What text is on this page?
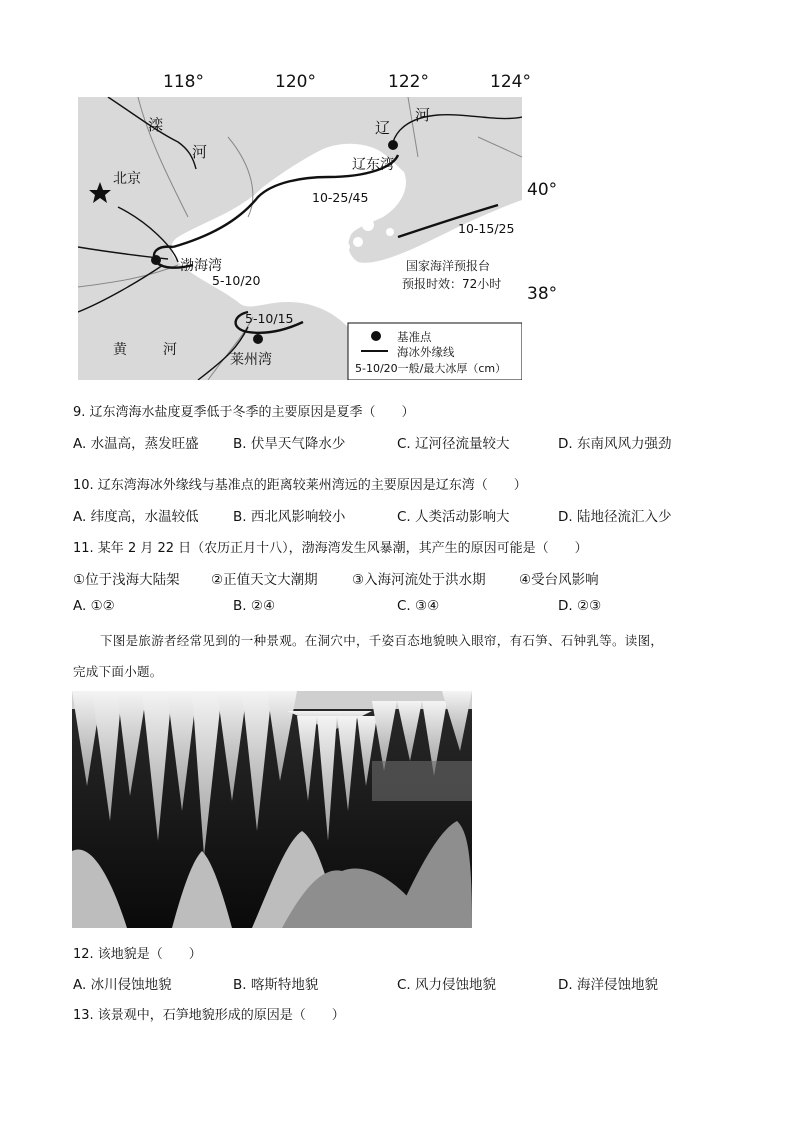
118°	120°	122°	124°
40°
38°
滦
河
北京
辽
河
辽东湾
10-25/45
10-15/25
渤海湾
5-10/20
国家海洋预报台
预报时效：72小时
5-10/15
黄	河
莱州湾
基准点
海冰外缘线
5-10/20一般/最大冰厚（cm）
9. 辽东湾海水盐度夏季低于冬季的主要原因是夏季（　　）
A. 水温高，蒸发旺盛	B. 伏旱天气降水少	C. 辽河径流量较大	D. 东南风风力强劲
10. 辽东湾海冰外缘线与基准点的距离较莱州湾远的主要原因是辽东湾（　　）
A. 纬度高，水温较低	B. 西北风影响较小	C. 人类活动影响大	D. 陆地径流汇入少
11. 某年 2 月 22 日（农历正月十八），渤海湾发生风暴潮，其产生的原因可能是（　　）
①位于浅海大陆架 ②正值天文大潮期	③入海河流处于洪水期 ④受台风影响
A. ①②	B. ②④	C. ③④	D. ②③
下图是旅游者经常见到的一种景观。在洞穴中，千姿百态地貌映入眼帘，有石笋、石钟乳等。读图，
完成下面小题。
12. 该地貌是（　　）
A. 冰川侵蚀地貌	B. 喀斯特地貌	C. 风力侵蚀地貌	D. 海洋侵蚀地貌
13. 该景观中，石笋地貌形成的原因是（　　）
